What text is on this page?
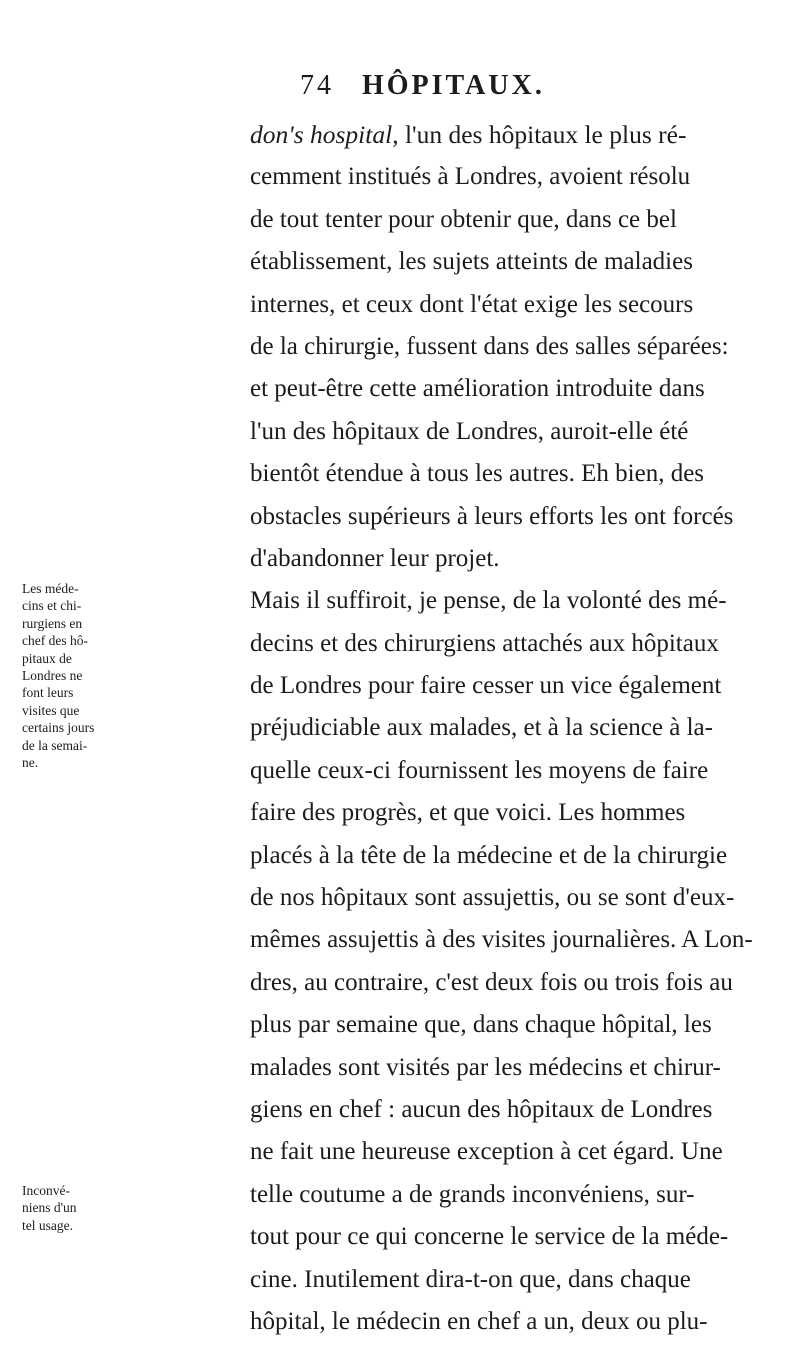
74 HÔPITAUX.
don's hospital, l'un des hôpitaux le plus ré-
cemment institués à Londres, avoient résolu
de tout tenter pour obtenir que, dans ce bel
établissement, les sujets atteints de maladies
internes, et ceux dont l'état exige les secours
de la chirurgie, fussent dans des salles séparées:
et peut-être cette amélioration introduite dans
l'un des hôpitaux de Londres, auroit-elle été
bientôt étendue à tous les autres. Eh bien, des
obstacles supérieurs à leurs efforts les ont forcés
d'abandonner leur projet.
Mais il suffiroit, je pense, de la volonté des mé-
decins et des chirurgiens attachés aux hôpitaux
de Londres pour faire cesser un vice également
préjudiciable aux malades, et à la science à la-
quelle ceux-ci fournissent les moyens de faire
faire des progrès, et que voici. Les hommes
placés à la tête de la médecine et de la chirurgie
de nos hôpitaux sont assujettis, ou se sont d'eux-
mêmes assujettis à des visites journalières. A Lon-
dres, au contraire, c'est deux fois ou trois fois au
plus par semaine que, dans chaque hôpital, les
malades sont visités par les médecins et chirur-
giens en chef : aucun des hôpitaux de Londres
ne fait une heureuse exception à cet égard. Une
telle coutume a de grands inconvéniens, sur-
tout pour ce qui concerne le service de la méde-
cine. Inutilement dira-t-on que, dans chaque
hôpital, le médecin en chef a un, deux ou plu-
Les méde-
cins et chi-
rurgiens en
chef des hô-
pitaux de
Londres ne
font leurs
visites que
certains jours
de la semai-
ne.
Inconvé-
niens d'un
tel usage.
